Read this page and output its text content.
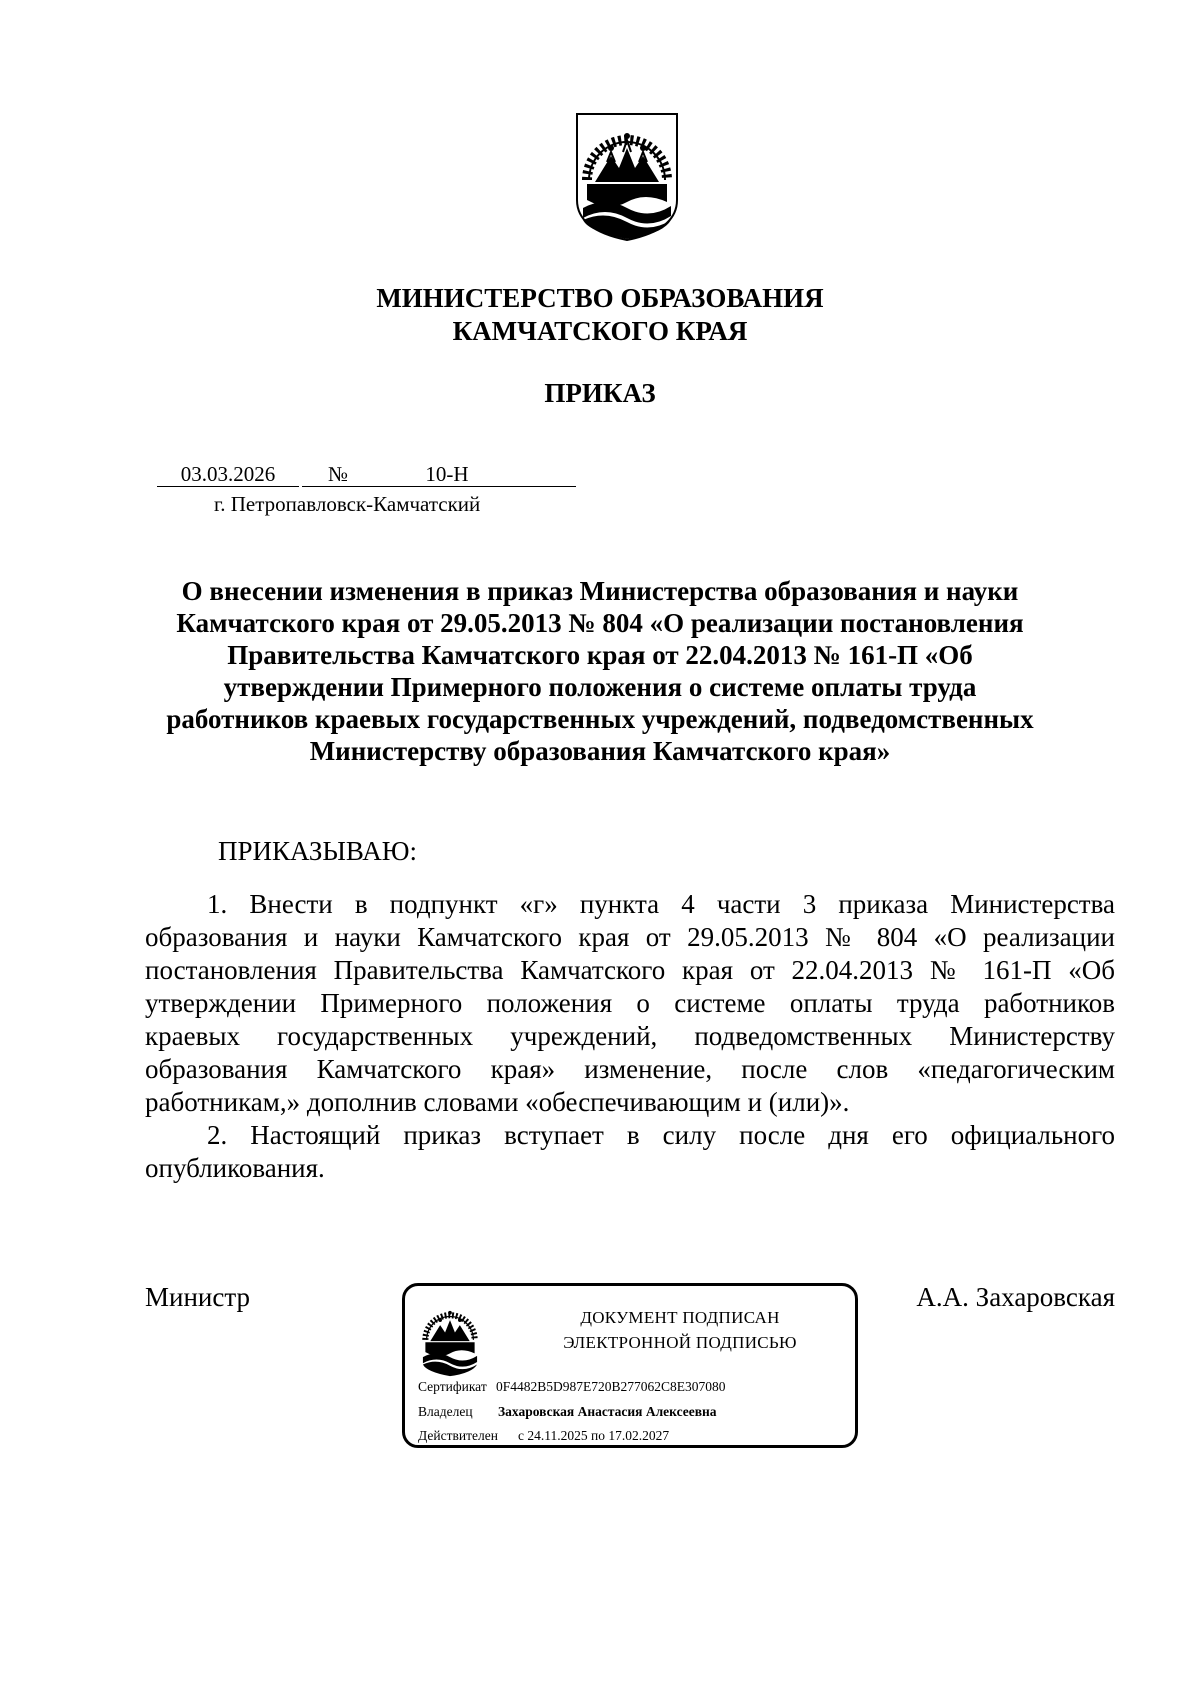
МИНИСТЕРСТВО ОБРАЗОВАНИЯ
КАМЧАТСКОГО КРАЯ
ПРИКАЗ
03.03.2026	№	10-Н
г. Петропавловск-Камчатский
О внесении изменения в приказ Министерства образования и науки
Камчатского края от 29.05.2013 № 804 «О реализации постановления
Правительства Камчатского края от 22.04.2013 № 161-П «Об
утверждении Примерного положения о системе оплаты труда
работников краевых государственных учреждений, подведомственных
Министерству образования Камчатского края»
ПРИКАЗЫВАЮ:
1. Внести в подпункт «г» пункта 4 части 3 приказа Министерства
образования и науки Камчатского края от 29.05.2013 № 804 «О реализации
постановления Правительства Камчатского края от 22.04.2013 № 161-П «Об
утверждении Примерного положения о системе оплаты труда работников
краевых государственных учреждений, подведомственных Министерству
образования Камчатского края» изменение, после слов «педагогическим
работникам,» дополнив словами «обеспечивающим и (или)».
2. Настоящий приказ вступает в силу после дня его официального
опубликования.
Министр	А.А. Захаровская
ДОКУМЕНТ ПОДПИСАН
ЭЛЕКТРОННОЙ ПОДПИСЬЮ
Сертификат 0F4482B5D987E720B277062C8E307080
Владелец Захаровская Анастасия Алексеевна
Действителен с 24.11.2025 по 17.02.2027
